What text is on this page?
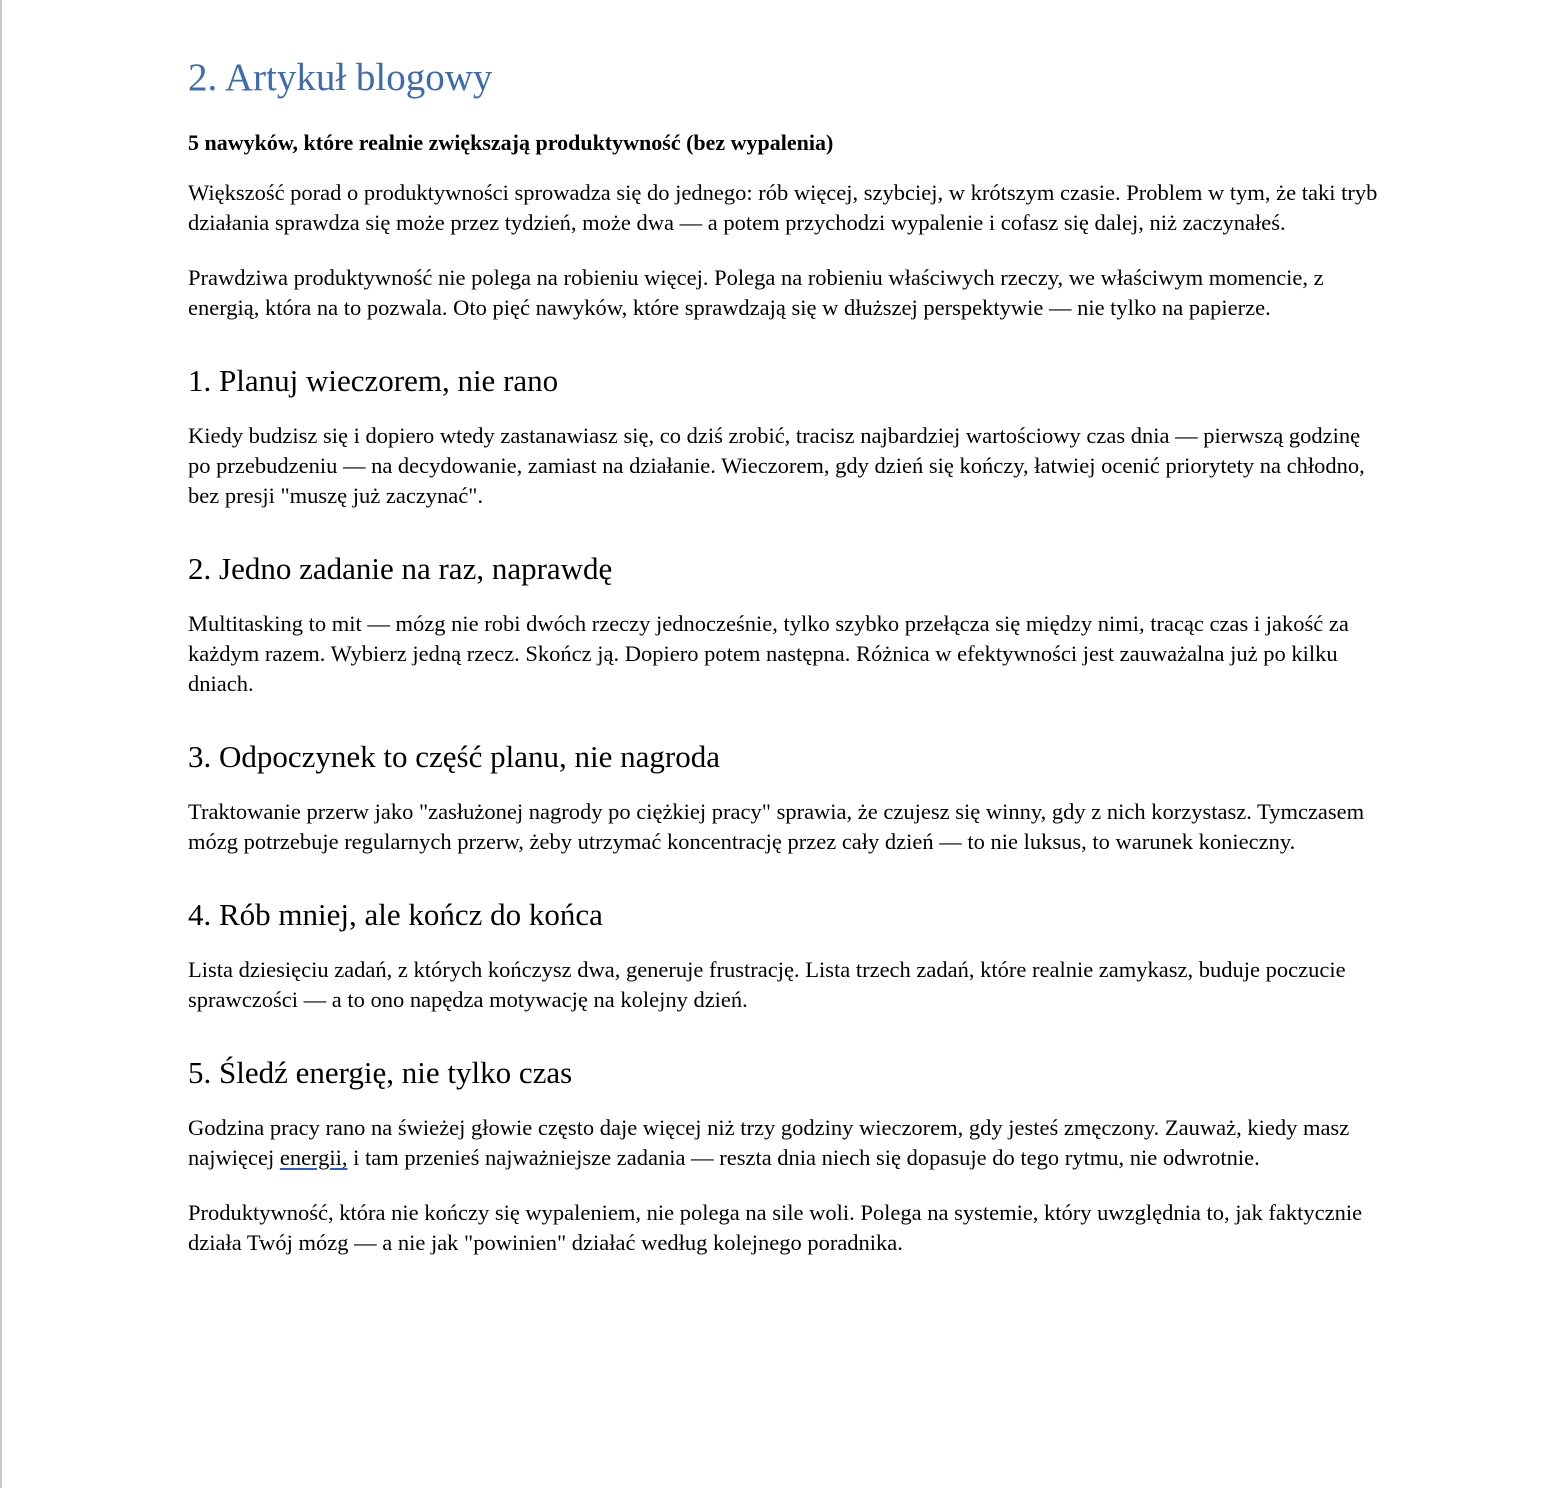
2. Artykuł blogowy
5 nawyków, które realnie zwiększają produktywność (bez wypalenia)

Większość porad o produktywności sprowadza się do jednego: rób więcej, szybciej, w krótszym czasie. Problem w tym, że taki tryb działania sprawdza się może przez tydzień, może dwa — a potem przychodzi wypalenie i cofasz się dalej, niż zaczynałeś.

Prawdziwa produktywność nie polega na robieniu więcej. Polega na robieniu właściwych rzeczy, we właściwym momencie, z energią, która na to pozwala. Oto pięć nawyków, które sprawdzają się w dłuższej perspektywie — nie tylko na papierze.

1. Planuj wieczorem, nie rano

Kiedy budzisz się i dopiero wtedy zastanawiasz się, co dziś zrobić, tracisz najbardziej wartościowy czas dnia — pierwszą godzinę po przebudzeniu — na decydowanie, zamiast na działanie. Wieczorem, gdy dzień się kończy, łatwiej ocenić priorytety na chłodno, bez presji "muszę już zaczynać".

2. Jedno zadanie na raz, naprawdę

Multitasking to mit — mózg nie robi dwóch rzeczy jednocześnie, tylko szybko przełącza się między nimi, tracąc czas i jakość za każdym razem. Wybierz jedną rzecz. Skończ ją. Dopiero potem następna. Różnica w efektywności jest zauważalna już po kilku dniach.

3. Odpoczynek to część planu, nie nagroda

Traktowanie przerw jako "zasłużonej nagrody po ciężkiej pracy" sprawia, że czujesz się winny, gdy z nich korzystasz. Tymczasem mózg potrzebuje regularnych przerw, żeby utrzymać koncentrację przez cały dzień — to nie luksus, to warunek konieczny.

4. Rób mniej, ale kończ do końca

Lista dziesięciu zadań, z których kończysz dwa, generuje frustrację. Lista trzech zadań, które realnie zamykasz, buduje poczucie sprawczości — a to ono napędza motywację na kolejny dzień.

5. Śledź energię, nie tylko czas

Godzina pracy rano na świeżej głowie często daje więcej niż trzy godziny wieczorem, gdy jesteś zmęczony. Zauważ, kiedy masz najwięcej energii, i tam przenieś najważniejsze zadania — reszta dnia niech się dopasuje do tego rytmu, nie odwrotnie.

Produktywność, która nie kończy się wypaleniem, nie polega na sile woli. Polega na systemie, który uwzględnia to, jak faktycznie działa Twój mózg — a nie jak "powinien" działać według kolejnego poradnika.
